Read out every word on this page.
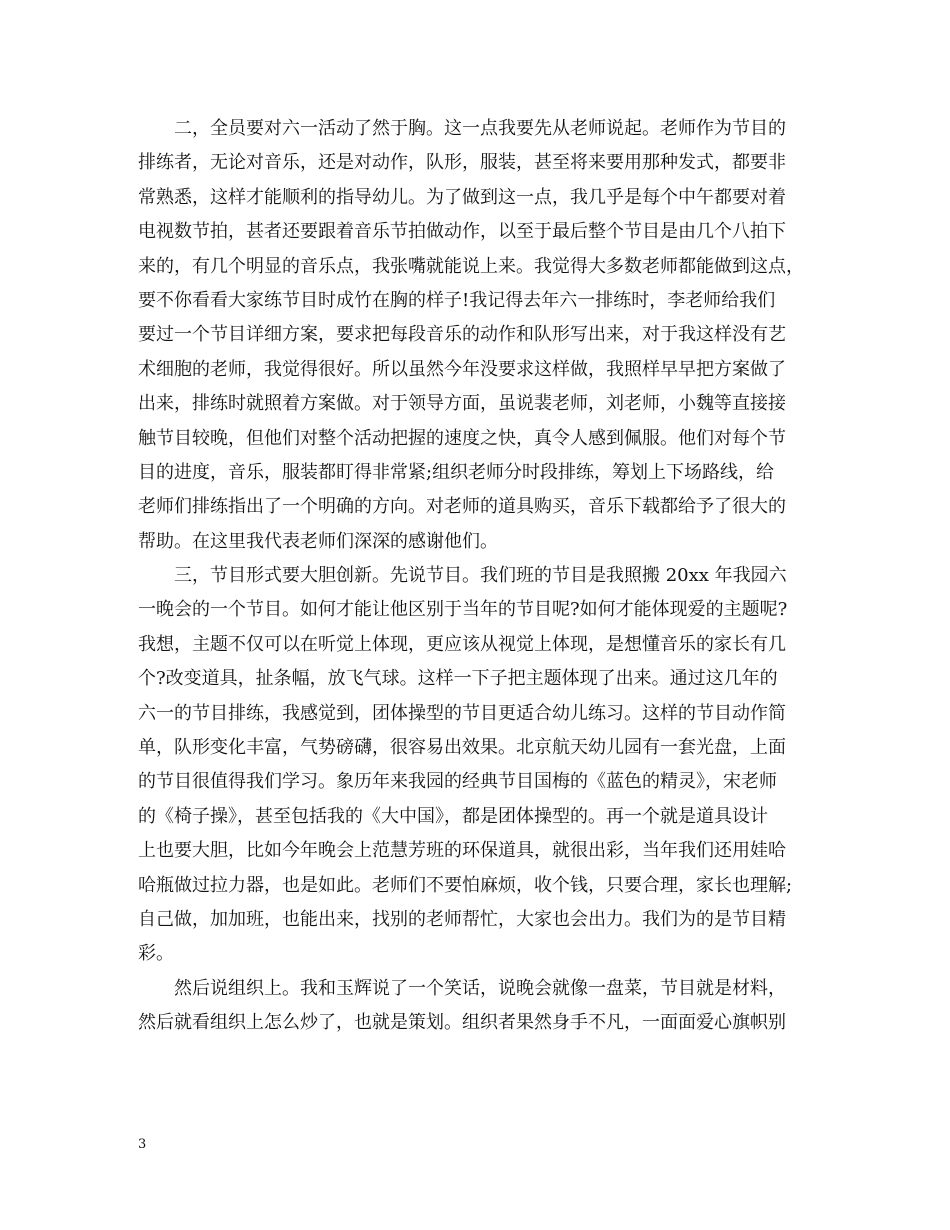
二，全员要对六一活动了然于胸。这一点我要先从老师说起。老师作为节目的
排练者，无论对音乐，还是对动作，队形，服装，甚至将来要用那种发式，都要非
常熟悉，这样才能顺利的指导幼儿。为了做到这一点，我几乎是每个中午都要对着
电视数节拍，甚者还要跟着音乐节拍做动作，以至于最后整个节目是由几个八拍下
来的，有几个明显的音乐点，我张嘴就能说上来。我觉得大多数老师都能做到这点，
要不你看看大家练节目时成竹在胸的样子!我记得去年六一排练时，李老师给我们
要过一个节目详细方案，要求把每段音乐的动作和队形写出来，对于我这样没有艺
术细胞的老师，我觉得很好。所以虽然今年没要求这样做，我照样早早把方案做了
出来，排练时就照着方案做。对于领导方面，虽说裴老师，刘老师，小魏等直接接
触节目较晚，但他们对整个活动把握的速度之快，真令人感到佩服。他们对每个节
目的进度，音乐，服装都盯得非常紧;组织老师分时段排练，筹划上下场路线，给
老师们排练指出了一个明确的方向。对老师的道具购买，音乐下载都给予了很大的
帮助。在这里我代表老师们深深的感谢他们。
三，节目形式要大胆创新。先说节目。我们班的节目是我照搬 20xx 年我园六
一晚会的一个节目。如何才能让他区别于当年的节目呢?如何才能体现爱的主题呢?
我想，主题不仅可以在听觉上体现，更应该从视觉上体现，是想懂音乐的家长有几
个?改变道具，扯条幅，放飞气球。这样一下子把主题体现了出来。通过这几年的
六一的节目排练，我感觉到，团体操型的节目更适合幼儿练习。这样的节目动作简
单，队形变化丰富，气势磅礴，很容易出效果。北京航天幼儿园有一套光盘，上面
的节目很值得我们学习。象历年来我园的经典节目国梅的《蓝色的精灵》，宋老师
的《椅子操》，甚至包括我的《大中国》，都是团体操型的。再一个就是道具设计
上也要大胆，比如今年晚会上范慧芳班的环保道具，就很出彩，当年我们还用娃哈
哈瓶做过拉力器，也是如此。老师们不要怕麻烦，收个钱，只要合理，家长也理解;
自己做，加加班，也能出来，找别的老师帮忙，大家也会出力。我们为的是节目精
彩。
然后说组织上。我和玉辉说了一个笑话，说晚会就像一盘菜，节目就是材料，
然后就看组织上怎么炒了，也就是策划。组织者果然身手不凡，一面面爱心旗帜别
3
